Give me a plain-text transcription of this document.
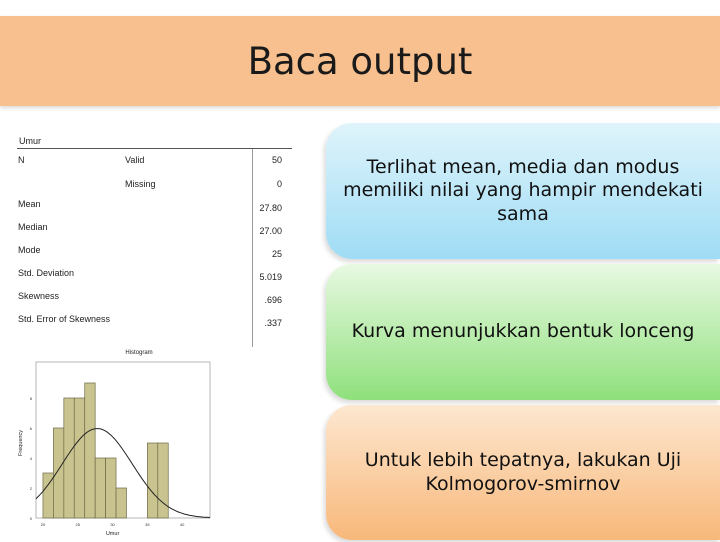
Baca output
Umur
N	Valid	50
Missing	0
Mean	27.80
Median	27.00
Mode	25
Std. Deviation	5.019
Skewness	.696
Std. Error of Skewness	.337
Histogram
0
2
4
6
8
20	25	30	35	40
Frequency
Umur
Terlihat mean, media dan modus memiliki nilai yang hampir mendekati sama
Kurva menunjukkan bentuk lonceng
Untuk lebih tepatnya, lakukan Uji Kolmogorov-smirnov
